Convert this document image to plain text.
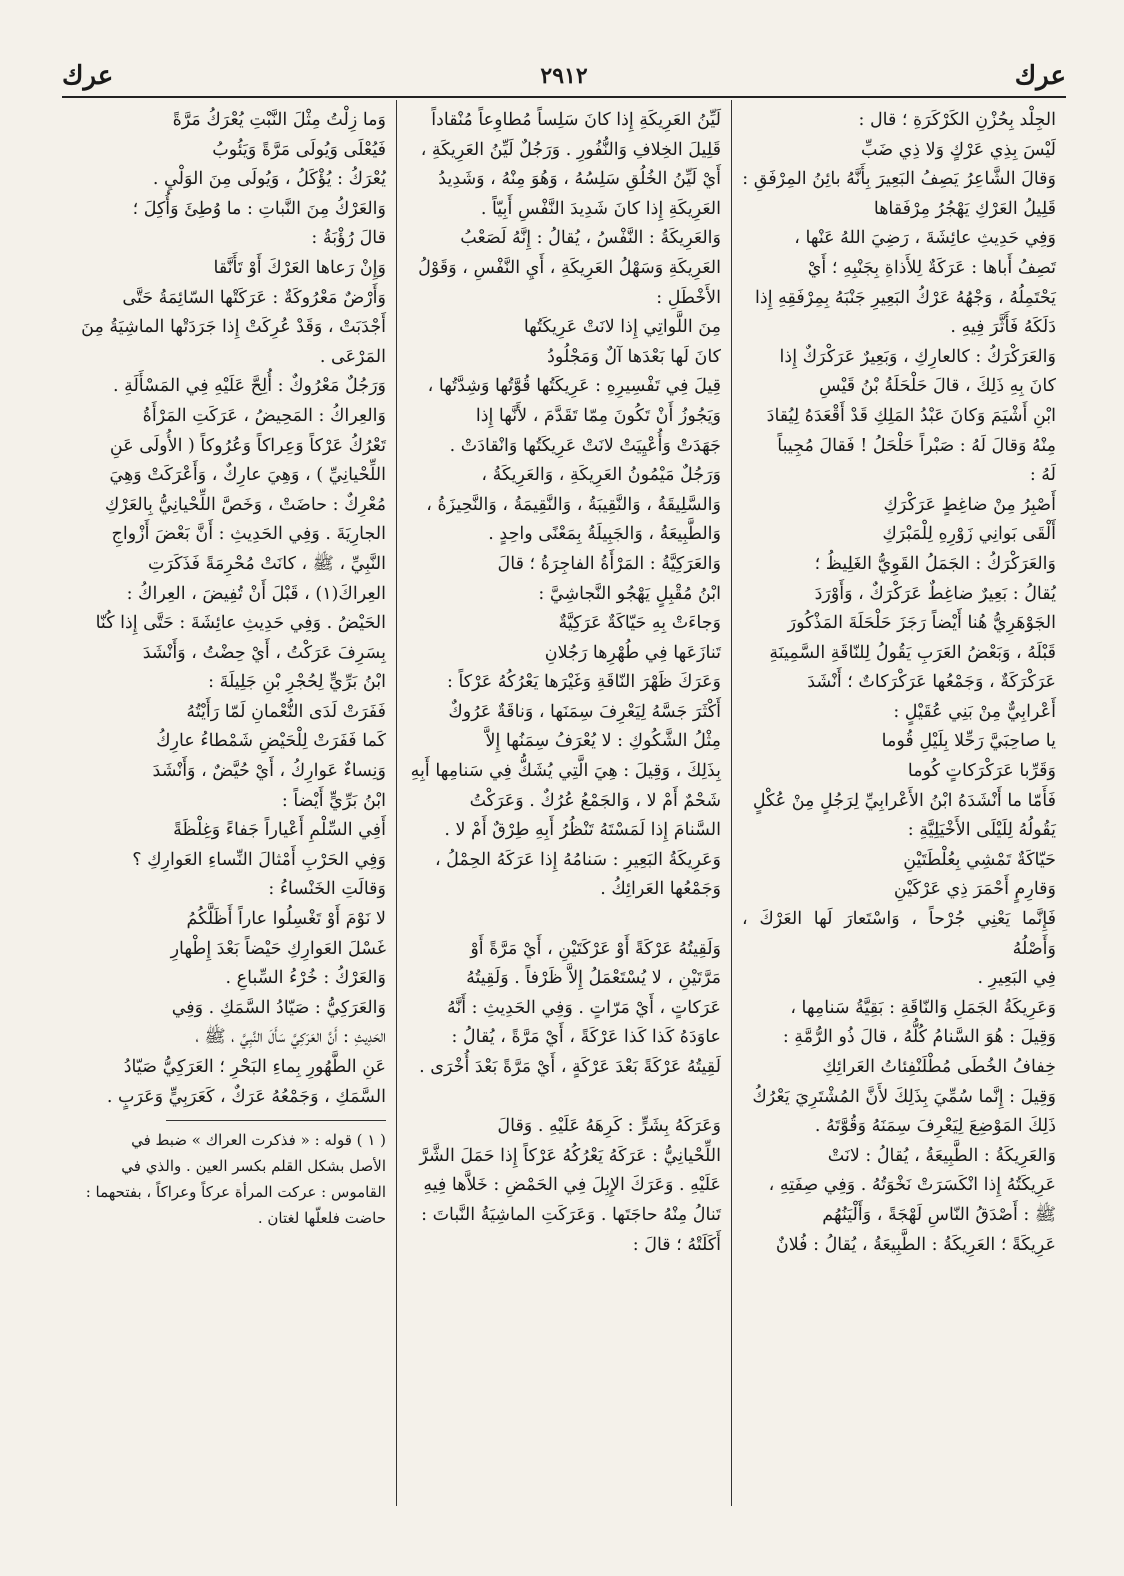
عرك
٢٩١٢
عرك

الجِلْد بِحُزْنِ الكَرْكَرَةِ ؛ قال :

لَيْسَ بِذِي عَرْكٍ وَلا ذِي ضَبِّ

وَقالَ الشَّاعِرُ يَصِفُ البَعِيرَ بِأَنَّهُ بائِنُ المِرْفَقِ :

قَلِيلُ العَرْكِ يَهْجُرُ مِرْفَقاها

وَفِي حَدِيثِ عائِشَةَ ، رَضِيَ اللهُ عَنْها ،

تَصِفُ أَباها : عَرَكَةٌ لِلأَذاةِ بِجَنْبِهِ ؛ أَيْ

يَحْتَمِلُهُ ، وَجْهُهُ عَرْكُ البَعِيرِ جَنْبَهُ بِمِرْفَقِهِ إِذا

دَلَكَهُ فَأَثَّرَ فِيهِ .

وَالعَرَكْرَكُ : كالعارِكِ ، وَبَعِيرٌ عَرَكْرَكٌ إِذا

كانَ بِهِ ذَلِكَ ، قالَ حَلْحَلَةُ بْنُ قَيْسِ

ابْنِ أَشْيَمَ وَكانَ عَبْدُ المَلِكِ قَدْ أَقْعَدَهُ لِيُقادَ

مِنْهُ وَقالَ لَهُ : صَبْراً حَلْحَلُ ! فَقالَ مُجِيباً

لَهُ :

أَصْبِرُ مِنْ ضاغِطٍ عَرَكْرَكِ

أَلْقَى بَوانِي زَوْرِهِ لِلْمَبْرَكِ

وَالعَرَكْرَكُ : الجَمَلُ القَوِيُّ الغَلِيظُ ؛

يُقالُ : بَعِيرٌ ضاغِطٌ عَرَكْرَكٌ ، وَأَوْرَدَ

الجَوْهَرِيُّ هُنا أَيْضاً رَجَزَ حَلْحَلَةَ المَذْكُورَ

قَبْلَهُ ، وَبَعْضُ العَرَبِ يَقُولُ لِلنّاقَةِ السَّمِينَةِ

عَرَكْرَكَةٌ ، وَجَمْعُها عَرَكْرَكاتٌ ؛ أَنْشَدَ

أَعْرابِيٌّ مِنْ بَنِي عُقَيْلٍ :

يا صاحِبَيَّ رَحِّلا بِلَيْلِ قُوما

وَقَرِّبا عَرَكْرَكاتٍ كُوما

فَأَمّا ما أَنْشَدَهُ ابْنُ الأَعْرابِيِّ لِرَجُلٍ مِنْ عُكْلٍ

يَقُولُهُ لِلَيْلَى الأَخْيَلِيَّةِ :

حَيّاكَةٌ تَمْشِي بِعُلْطَتَيْنِ

وَقارِمٍ أَحْمَرَ ذِي عَرْكَيْنِ

فَإِنَّما يَعْنِي جُرْحاً ، وَاسْتَعارَ لَها العَرْكَ ، وَأَصْلُهُ

فِي البَعِيرِ .

وَعَرِيكَةُ الجَمَلِ وَالنّاقَةِ : بَقِيَّةُ سَنامِها ،

وَقِيلَ : هُوَ السَّنامُ كُلُّهُ ، قالَ ذُو الرُّمَّةِ :

خِفافُ الخُطَى مُطْلَنْفِئاتُ العَرائِكِ

وَقِيلَ : إِنَّما سُمِّيَ بِذَلِكَ لأَنَّ المُشْتَرِيَ يَعْرُكُ

ذَلِكَ المَوْضِعَ لِيَعْرِفَ سِمَنَهُ وَقُوَّتَهُ .

وَالعَرِيكَةُ : الطَّبِيعَةُ ، يُقالُ : لانَتْ

عَرِيكَتُهُ إِذا انْكَسَرَتْ نَخْوَتُهُ . وَفِي صِفَتِهِ ،

ﷺ : أَصْدَقُ النّاسِ لَهْجَةً ، وَأَلْيَنُهُم

عَرِيكَةً ؛ العَرِيكَةُ : الطَّبِيعَةُ ، يُقالُ : فُلانٌ

لَيِّنُ العَرِيكَةِ إِذا كانَ سَلِساً مُطاوِعاً مُنْقاداً

قَلِيلَ الخِلافِ وَالنُّفُورِ . وَرَجُلٌ لَيِّنُ العَرِيكَةِ ،

أَيْ لَيِّنُ الخُلُقِ سَلِسُهُ ، وَهُوَ مِنْهُ ، وَشَدِيدُ

العَرِيكَةِ إِذا كانَ شَدِيدَ النَّفْسِ أَبِيّاً .

وَالعَرِيكَةُ : النَّفْسُ ، يُقالُ : إِنَّهُ لَصَعْبُ

العَرِيكَةِ وَسَهْلُ العَرِيكَةِ ، أَيِ النَّفْسِ ، وَقَوْلُ

الأَخْطَلِ :

مِنَ اللَّواتِي إِذا لانَتْ عَرِيكَتُها

كانَ لَها بَعْدَها آلٌ وَمَجْلُودُ

قِيلَ فِي تَفْسِيرِهِ : عَرِيكَتُها قُوَّتُها وَشِدَّتُها ،

وَيَجُوزُ أَنْ تَكُونَ مِمّا تَقَدَّمَ ، لأَنَّها إِذا

جَهَدَتْ وَأُعْيِيَتْ لانَتْ عَرِيكَتُها وَانْقادَتْ .

وَرَجُلٌ مَيْمُونُ العَرِيكَةِ ، وَالعَرِيكَةُ ،

وَالسَّلِيقَةُ ، وَالنَّقِيبَةُ ، وَالنَّقِيمَةُ ، وَالنَّحِيزَةُ ،

وَالطَّبِيعَةُ ، وَالجَبِيلَةُ بِمَعْنًى واحِدٍ .

وَالعَرَكِيَّةُ : المَرْأَةُ الفاجِرَةُ ؛ قالَ

ابْنُ مُقْبِلٍ يَهْجُو النَّجاشِيَّ :

وَجاءَتْ بِهِ حَيّاكَةٌ عَرَكِيَّةٌ

تَنازَعَها فِي طُهْرِها رَجُلانِ

وَعَرَكَ ظَهْرَ النّاقَةِ وَغَيْرَها يَعْرُكُهُ عَرْكاً :

أَكْثَرَ جَسَّهُ لِيَعْرِفَ سِمَنَها ، وَناقَةٌ عَرُوكٌ

مِثْلُ الشَّكُوكِ : لا يُعْرَفُ سِمَنُها إِلاَّ

بِذَلِكَ ، وَقِيلَ : هِيَ الَّتِي يُشَكُّ فِي سَنامِها أَبِهِ

شَحْمٌ أَمْ لا ، وَالجَمْعُ عُرُكٌ . وَعَرَكْتُ

السَّنامَ إِذا لَمَسْتَهُ تَنْظُرُ أَبِهِ طِرْقٌ أَمْ لا .

وَعَرِيكَةُ البَعِيرِ : سَنامُهُ إِذا عَرَكَهُ الحِمْلُ ،

وَجَمْعُها العَرائِكُ .

وَلَقِيتُهُ عَرْكَةً أَوْ عَرْكَتَيْنِ ، أَيْ مَرَّةً أَوْ

مَرَّتَيْنِ ، لا يُسْتَعْمَلُ إِلاَّ ظَرْفاً . وَلَقِيتُهُ

عَرَكاتٍ ، أَيْ مَرّاتٍ . وَفِي الحَدِيثِ : أَنَّهُ

عاوَدَهُ كَذا كَذا عَرْكَةً ، أَيْ مَرَّةً ، يُقالُ :

لَقِيتُهُ عَرْكَةً بَعْدَ عَرْكَةٍ ، أَيْ مَرَّةً بَعْدَ أُخْرَى .

وَعَرَكَهُ بِشَرٍّ : كَرِهَهُ عَلَيْهِ . وَقالَ

اللِّحْيانِيُّ : عَرَكَهُ يَعْرُكُهُ عَرْكاً إِذا حَمَلَ الشَّرَّ

عَلَيْهِ . وَعَرَكَ الإِبِلَ فِي الحَمْضِ : خَلاَّها فِيهِ

تَنالُ مِنْهُ حاجَتَها . وَعَرَكَتِ الماشِيَةُ النَّباتَ :

أَكَلَتْهُ ؛ قالَ :

وَما زِلْتُ مِثْلَ النَّبْتِ يُعْرَكُ مَرَّةً

فَيُعْلَى وَيُولَى مَرَّةً وَيَئُوبُ

يُعْرَكُ : يُؤْكَلُ ، وَيُولَى مِنَ الوَلْيِ .

وَالعَرْكُ مِنَ النَّباتِ : ما وُطِئَ وَأُكِلَ ؛

قالَ رُؤْبَةُ :

وَإِنْ رَعاها العَرْكَ أَوْ تَأَنَّقا

وَأَرْضٌ مَعْرُوكَةٌ : عَرَكَتْها السّائِمَةُ حَتَّى

أَجْدَبَتْ ، وَقَدْ عُرِكَتْ إِذا جَرَدَتْها الماشِيَةُ مِنَ

المَرْعَى .

وَرَجُلٌ مَعْرُوكٌ : أُلِحَّ عَلَيْهِ فِي المَسْأَلَةِ .

وَالعِراكُ : المَحِيضُ ، عَرَكَتِ المَرْأَةُ

تَعْرُكُ عَرْكاً وَعِراكاً وَعُرُوكاً ( الأُولَى عَنِ

اللِّحْيانِيِّ ) ، وَهِيَ عارِكٌ ، وَأَعْرَكَتْ وَهِيَ

مُعْرِكٌ : حاضَتْ ، وَخَصَّ اللِّحْيانِيُّ بِالعَرْكِ

الجارِيَةَ . وَفِي الحَدِيثِ : أَنَّ بَعْضَ أَزْواجِ

النَّبِيِّ ، ﷺ ، كانَتْ مُحْرِمَةً فَذَكَرَتِ

العِراكَ(١) ، قَبْلَ أَنْ تُفِيضَ ، العِراكُ :

الحَيْضُ . وَفِي حَدِيثِ عائِشَةَ : حَتَّى إِذا كُنّا

بِسَرِفَ عَرَكْتُ ، أَيْ حِضْتُ ، وَأَنْشَدَ

ابْنُ بَرِّيٍّ لِحُجْرِ بْنِ جَلِيلَةَ :

فَفَرَتْ لَدَى النُّعْمانِ لَمّا رَأَيْتُهُ

كَما فَفَرَتْ لِلْحَيْضِ شَمْطاءُ عارِكُ

وَنِساءٌ عَوارِكُ ، أَيْ حُيَّضٌ ، وَأَنْشَدَ

ابْنُ بَرِّيٍّ أَيْضاً :

أَفِي السِّلْمِ أَعْياراً جَفاءً وَغِلْظَةً

وَفِي الحَرْبِ أَمْثالَ النِّساءِ العَوارِكِ ؟

وَقالَتِ الخَنْساءُ :

لا نَوْمَ أَوْ تَغْسِلُوا عاراً أَظَلَّكُمُ

غَسْلَ العَوارِكِ حَيْضاً بَعْدَ إِطْهارِ

وَالعَرْكُ : خُرْءُ السِّباعِ .

وَالعَرَكِيُّ : صَيّادُ السَّمَكِ . وَفِي

الحَدِيثِ : أَنَّ العَرَكِيَّ سَأَلَ النَّبِيَّ ، ﷺ ،

عَنِ الطَّهُورِ بِماءِ البَحْرِ ؛ العَرَكِيُّ صَيّادُ

السَّمَكِ ، وَجَمْعُهُ عَرَكٌ ، كَعَرَبِيٍّ وَعَرَبٍ .

( ١ ) قوله : « فذكرت العراك » ضبط في

الأصل بشكل القلم بكسر العين . والذي في

القاموس : عركت المرأة عركاً وعراكاً ، بفتحهما :

حاضت فلعلّها لغتان .
